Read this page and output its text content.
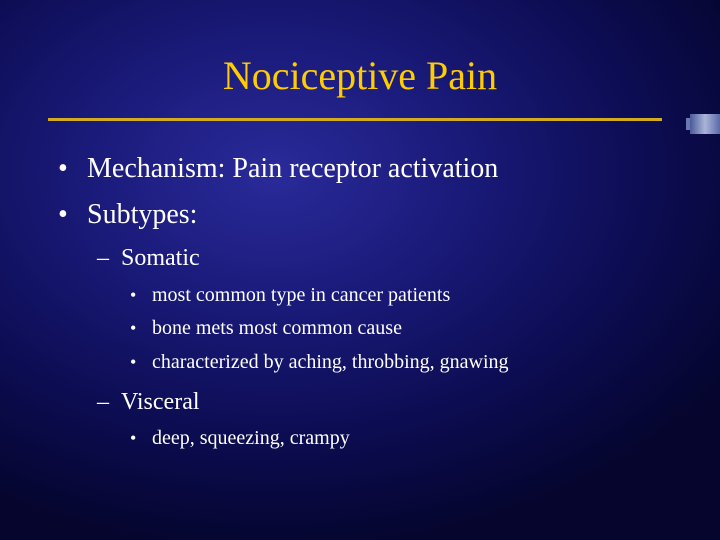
Nociceptive Pain
• Mechanism: Pain receptor activation
• Subtypes:
– Somatic
• most common type in cancer patients
• bone mets most common cause
• characterized by aching, throbbing, gnawing
– Visceral
• deep, squeezing, crampy
